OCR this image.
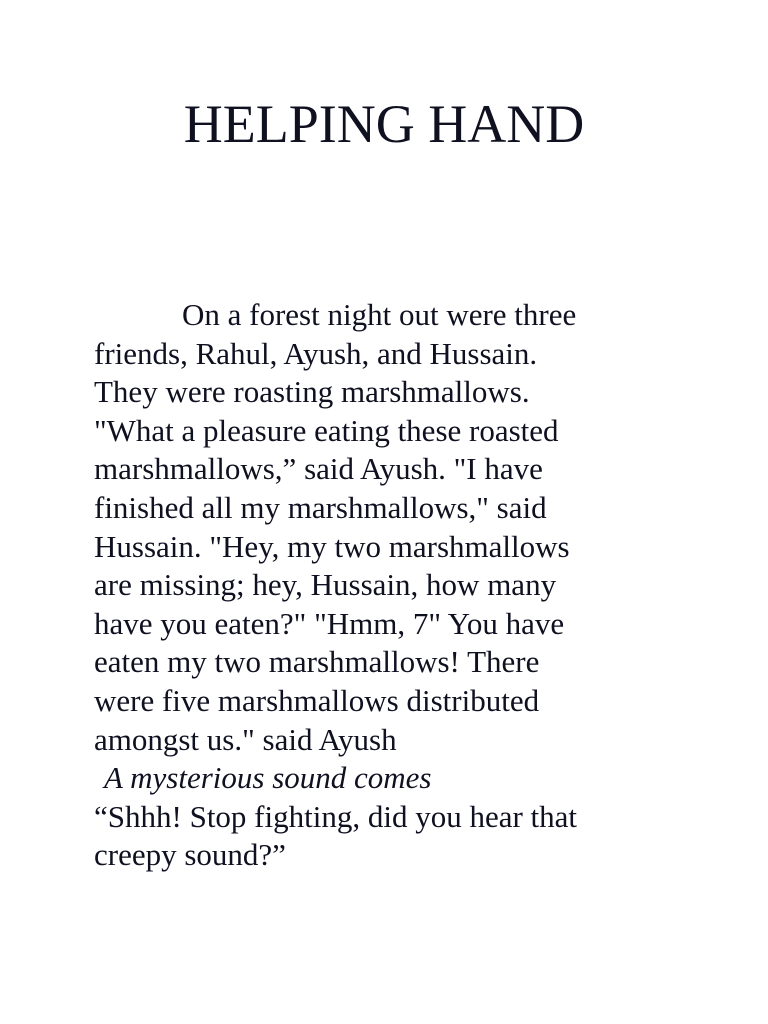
HELPING HAND
On a forest night out were three
friends, Rahul, Ayush, and Hussain.
They were roasting marshmallows.
"What a pleasure eating these roasted
marshmallows,” said Ayush. "I have
finished all my marshmallows," said
Hussain. "Hey, my two marshmallows
are missing; hey, Hussain, how many
have you eaten?" "Hmm, 7" You have
eaten my two marshmallows! There
were five marshmallows distributed
amongst us." said Ayush
A mysterious sound comes
“Shhh! Stop fighting, did you hear that
creepy sound?”
